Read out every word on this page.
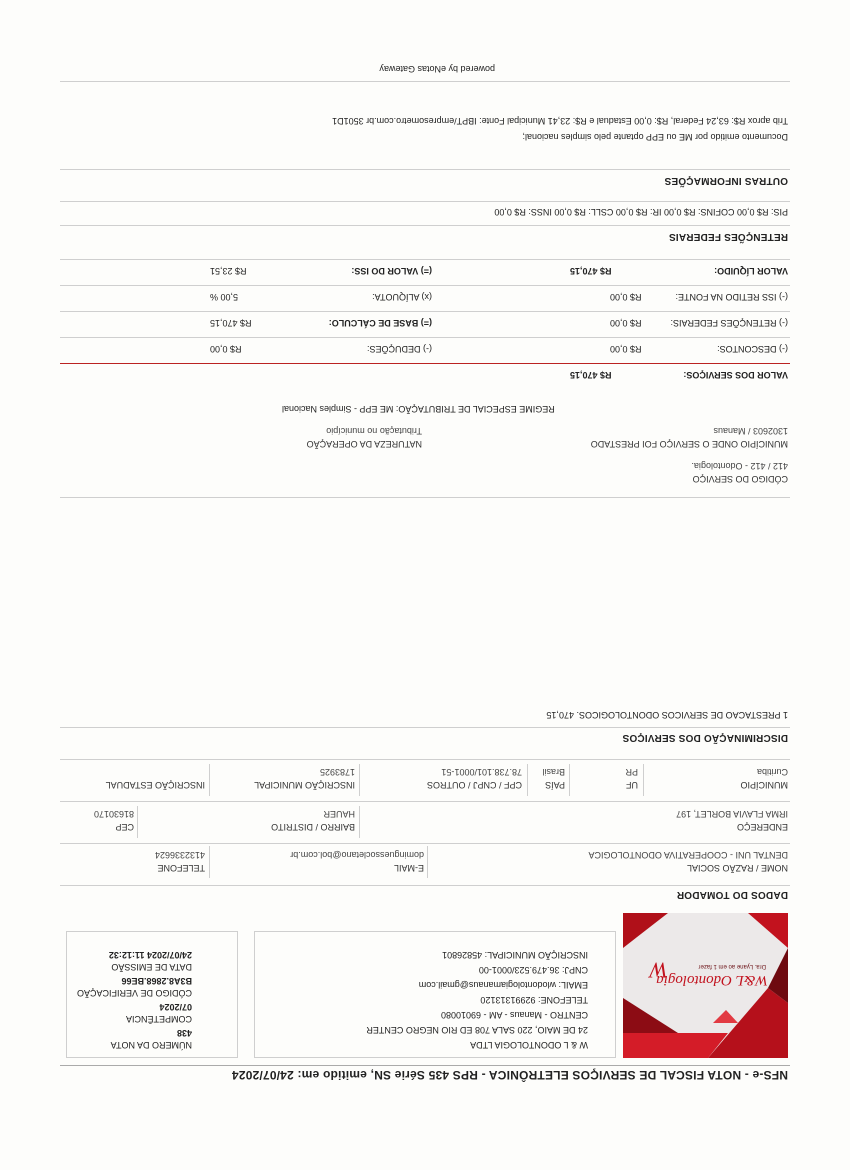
NFS-e - NOTA FISCAL DE SERVIÇOS ELETRÔNICA - RPS 435 Série SN, emitido em: 24/07/2024
W
W&L Odontologia
Dra. Lyane ao em 1 fazer
W & L ODONTOLOGIA LTDA
24 DE MAIO, 220 SALA 708 ED RIO NEGRO CENTER
CENTRO - Manaus - AM - 69010080
TELEFONE: 9299131312​0
EMAIL: wlodontologiamanaus@gmail.com
CNPJ: 36.479.523/0001-00
INSCRIÇÃO MUNICIPAL: 45826801
NÚMERO DA NOTA
438
COMPETÊNCIA
07/2024
CÓDIGO DE VERIFICAÇÃO
B3A8.2868.BE66
DATA DE EMISSÃO
24/07/2024 11:12:32
DADOS DO TOMADOR
NOME / RAZÃO SOCIAL
DENTAL UNI - COOPERATIVA ODONTOLOGICA
E-MAIL
domingues​soclet​ano@bol.com.br
TELEFONE
4132336624
ENDEREÇO
IRMA FLAVIA BORLET, 197
BAIRRO / DISTRITO
HAUER
CEP
81630170
MUNICÍPIO
Curitiba
UF
PR
PAÍS
Brasil
CPF / CNPJ / OUTROS
78.738.101/0001-51
INSCRIÇÃO MUNICIPAL
1783925
INSCRIÇÃO ESTADUAL
DISCRIMINAÇÃO DOS SERVIÇOS
1 PRESTACAO DE SERVICOS ODONTOLOGICOS. 470,15
CÓDIGO DO SERVIÇO
412 / 412 - Odontologia.
MUNICÍPIO ONDE O SERVIÇO FOI PRESTADO
1302603 / Manaus
NATUREZA DA OPERAÇÃO
Tributação no município
REGIME ESPECIAL DE TRIBUTAÇÃO: ME EPP - Simples Nacional
VALOR DOS SERVIÇOS:
R$ 470,15
(-) DESCONTOS:
R$ 0,00
(-) DEDUÇÕES:
R$ 0,00
(-) RETENÇÕES FEDERAIS:
R$ 0,00
(=) BASE DE CÁLCULO:
R$ 470,15
(-) ISS RETIDO NA FONTE:
R$ 0,00
(x) ALÍQUOTA:
5,00 %
VALOR LÍQUIDO:
R$ 470,15
(=) VALOR DO ISS:
R$ 23,51
RETENÇÕES FEDERAIS
PIS: R$ 0,00 COFINS: R$ 0,00 IR: R$ 0,00 CSLL: R$ 0,00 INSS: R$ 0,00
OUTRAS INFORMAÇÕES
Documento emitido por ME ou EPP optante pelo simples nacional;
Trib aprox R$: 63,24 Federal, R$: 0,00 Estadual e R$: 23,41 Municipal Fonte: IBPT/empresometro.com.br 3501D1
powered by eNotas Gateway
